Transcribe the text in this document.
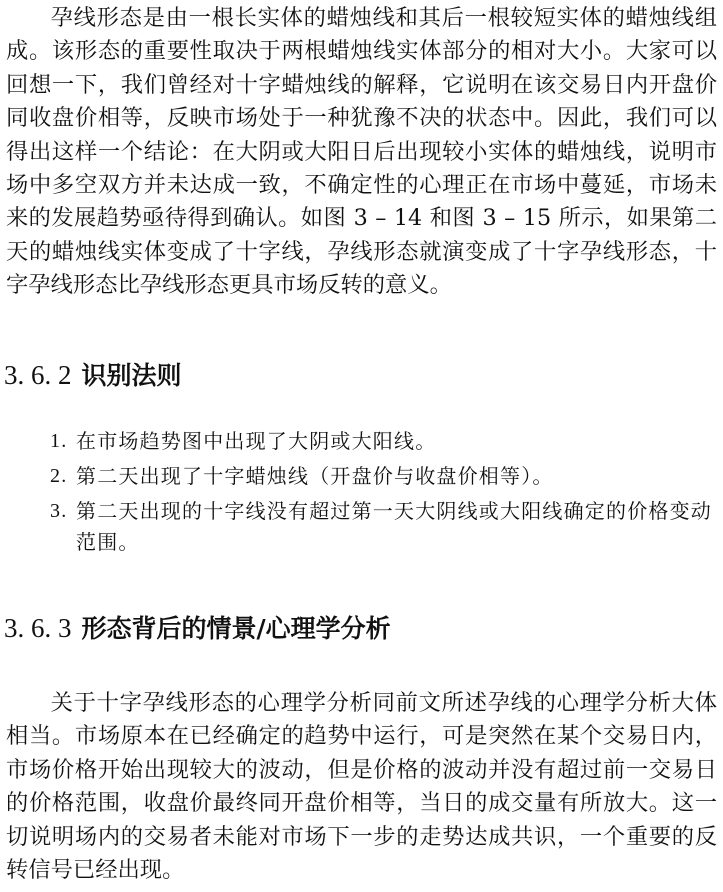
孕线形态是由一根长实体的蜡烛线和其后一根较短实体的蜡烛线组成。该形态的重要性取决于两根蜡烛线实体部分的相对大小。大家可以回想一下，我们曾经对十字蜡烛线的解释，它说明在该交易日内开盘价同收盘价相等，反映市场处于一种犹豫不决的状态中。因此，我们可以得出这样一个结论：在大阴或大阳日后出现较小实体的蜡烛线，说明市场中多空双方并未达成一致，不确定性的心理正在市场中蔓延，市场未来的发展趋势亟待得到确认。如图 3 – 14 和图 3 – 15 所示，如果第二天的蜡烛线实体变成了十字线，孕线形态就演变成了十字孕线形态，十字孕线形态比孕线形态更具市场反转的意义。

3. 6. 2 识别法则
1. 在市场趋势图中出现了大阴或大阳线。
2. 第二天出现了十字蜡烛线（开盘价与收盘价相等）。
3. 第二天出现的十字线没有超过第一天大阴线或大阳线确定的价格变动范围。
3. 6. 3 形态背后的情景/心理学分析

关于十字孕线形态的心理学分析同前文所述孕线的心理学分析大体相当。市场原本在已经确定的趋势中运行，可是突然在某个交易日内，市场价格开始出现较大的波动，但是价格的波动并没有超过前一交易日的价格范围，收盘价最终同开盘价相等，当日的成交量有所放大。这一切说明场内的交易者未能对市场下一步的走势达成共识，一个重要的反转信号已经出现。
